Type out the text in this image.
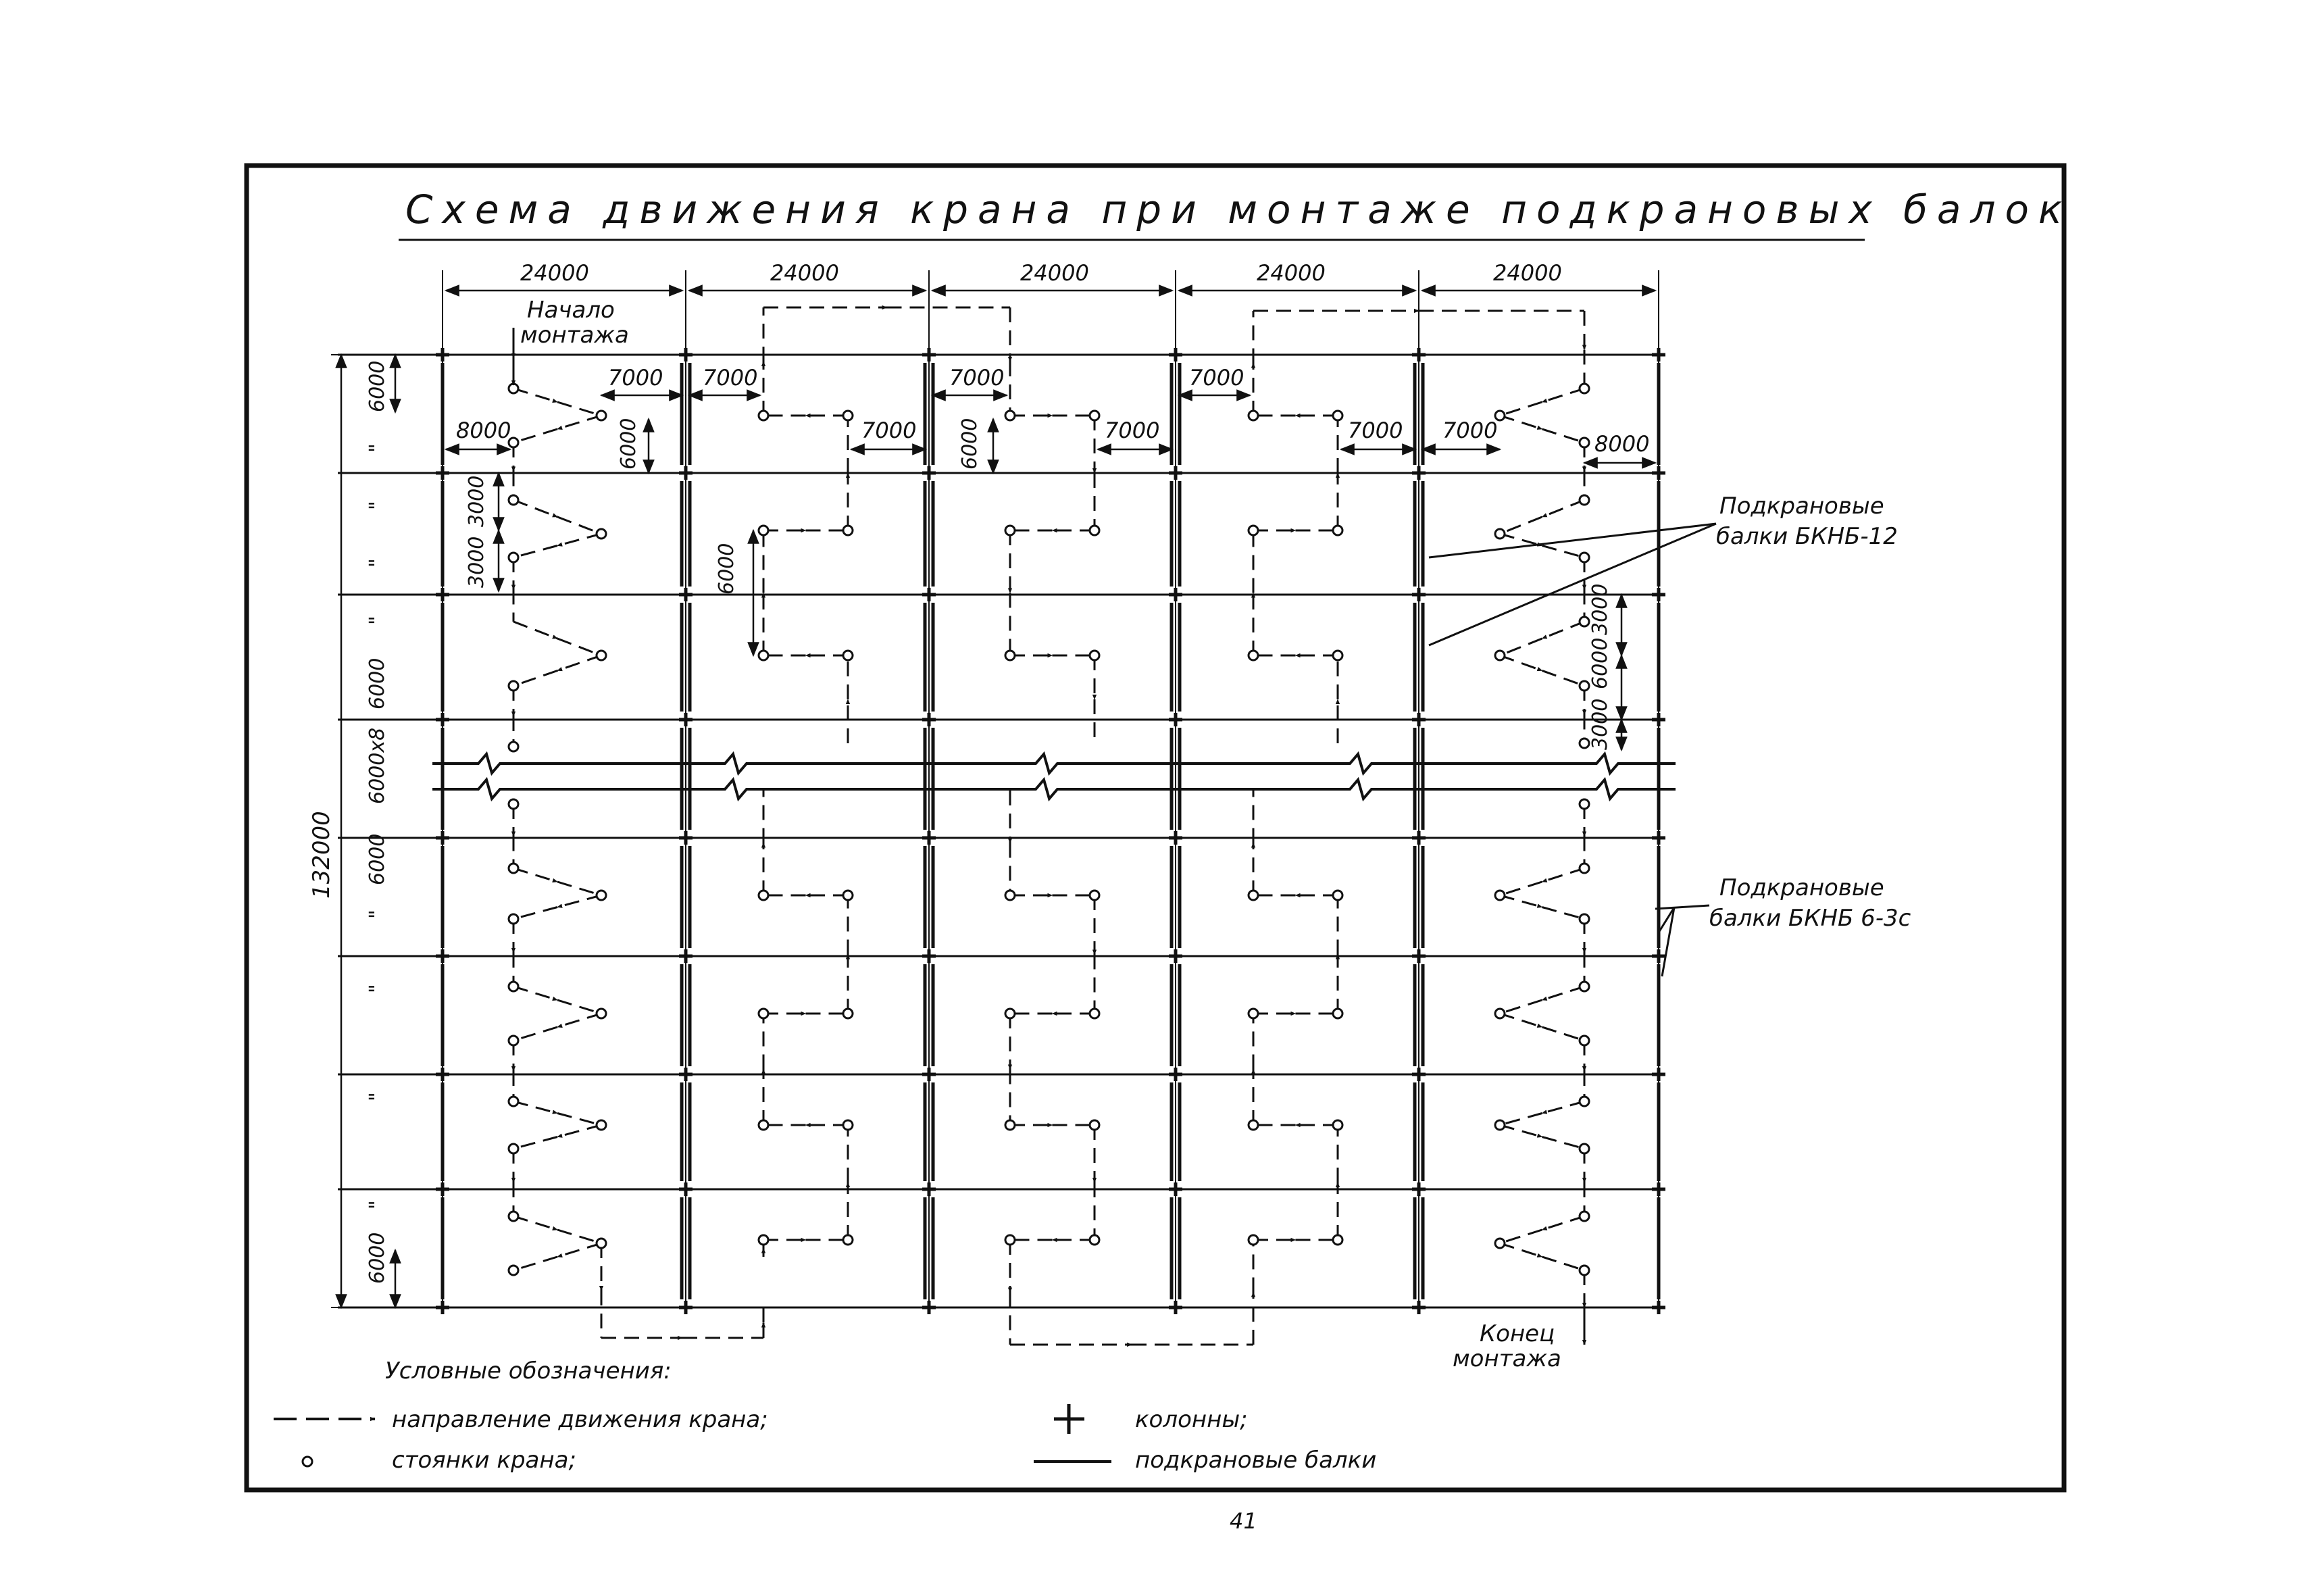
Схема движения крана при монтаже подкрановых балок
24000	24000	24000	24000	24000
7000 7000	7000	7000
8000	7000	7000	7000 7000
8000
6000	6000
6000
3000
3000
3000
6000
3000
132000
6000
"
"
"
"
6000
6000x8
6000
"
"
"
"
6000
Начало
монтажа
Конец
монтажа
Подкрановые
балки БКНБ-12
Подкрановые
балки БКНБ 6-3с
Условные обозначения:
направление движения крана;
стоянки крана;
колонны;
подкрановые балки
41
